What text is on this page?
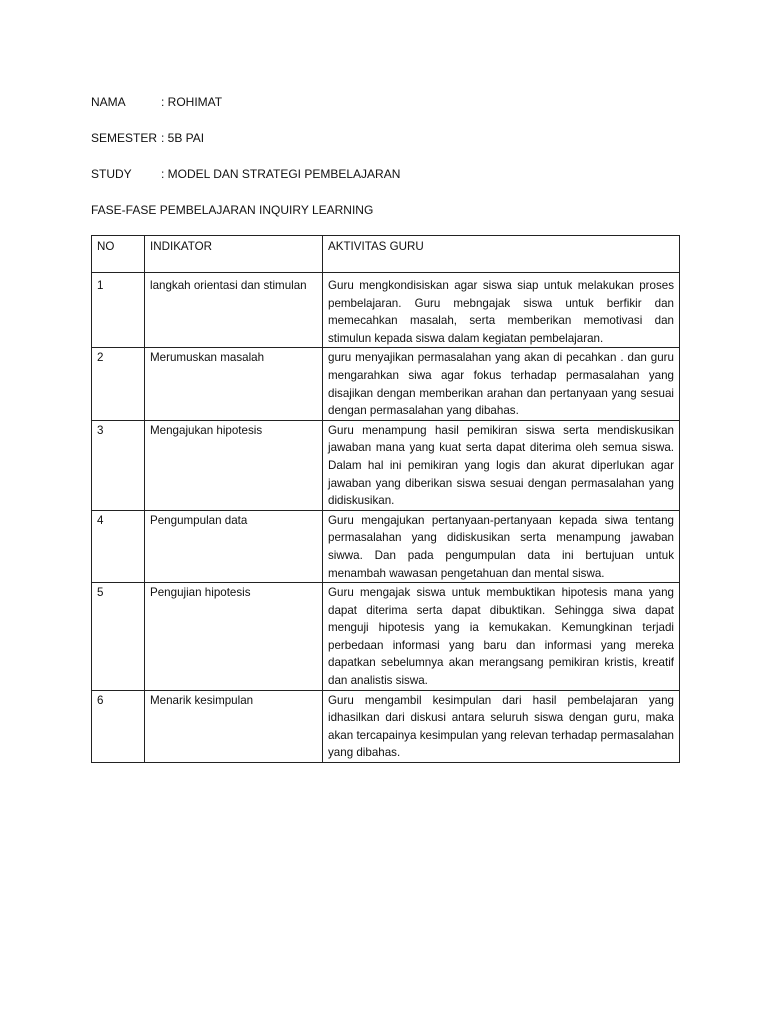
NAMA	: ROHIMAT
SEMESTER : 5B PAI
STUDY : MODEL DAN STRATEGI PEMBELAJARAN
FASE-FASE PEMBELAJARAN INQUIRY LEARNING
NO	INDIKATOR	AKTIVITAS GURU
1	langkah orientasi dan stimulan	Guru mengkondisiskan agar siswa siap untuk melakukan proses pembelajaran. Guru mebngajak siswa untuk berfikir dan memecahkan masalah, serta memberikan memotivasi dan stimulun kepada siswa dalam kegiatan pembelajaran.
2	Merumuskan masalah	guru menyajikan permasalahan yang akan di pecahkan . dan guru mengarahkan siwa agar fokus terhadap permasalahan yang disajikan dengan memberikan arahan dan pertanyaan yang sesuai dengan permasalahan yang dibahas.
3	Mengajukan hipotesis	Guru menampung hasil pemikiran siswa serta mendiskusikan jawaban mana yang kuat serta dapat diterima oleh semua siswa. Dalam hal ini pemikiran yang logis dan akurat diperlukan agar jawaban yang diberikan siswa sesuai dengan permasalahan yang didiskusikan.
4	Pengumpulan data	Guru mengajukan pertanyaan-pertanyaan kepada siwa tentang permasalahan yang didiskusikan serta menampung jawaban siwwa. Dan pada pengumpulan data ini bertujuan untuk menambah wawasan pengetahuan dan mental siswa.
5	Pengujian hipotesis	Guru mengajak siswa untuk membuktikan hipotesis mana yang dapat diterima serta dapat dibuktikan. Sehingga siwa dapat menguji hipotesis yang ia kemukakan. Kemungkinan terjadi perbedaan informasi yang baru dan informasi yang mereka dapatkan sebelumnya akan merangsang pemikiran kristis, kreatif dan analistis siswa.
6	Menarik kesimpulan	Guru mengambil kesimpulan dari hasil pembelajaran yang idhasilkan dari diskusi antara seluruh siswa dengan guru, maka akan tercapainya kesimpulan yang relevan terhadap permasalahan yang dibahas.
